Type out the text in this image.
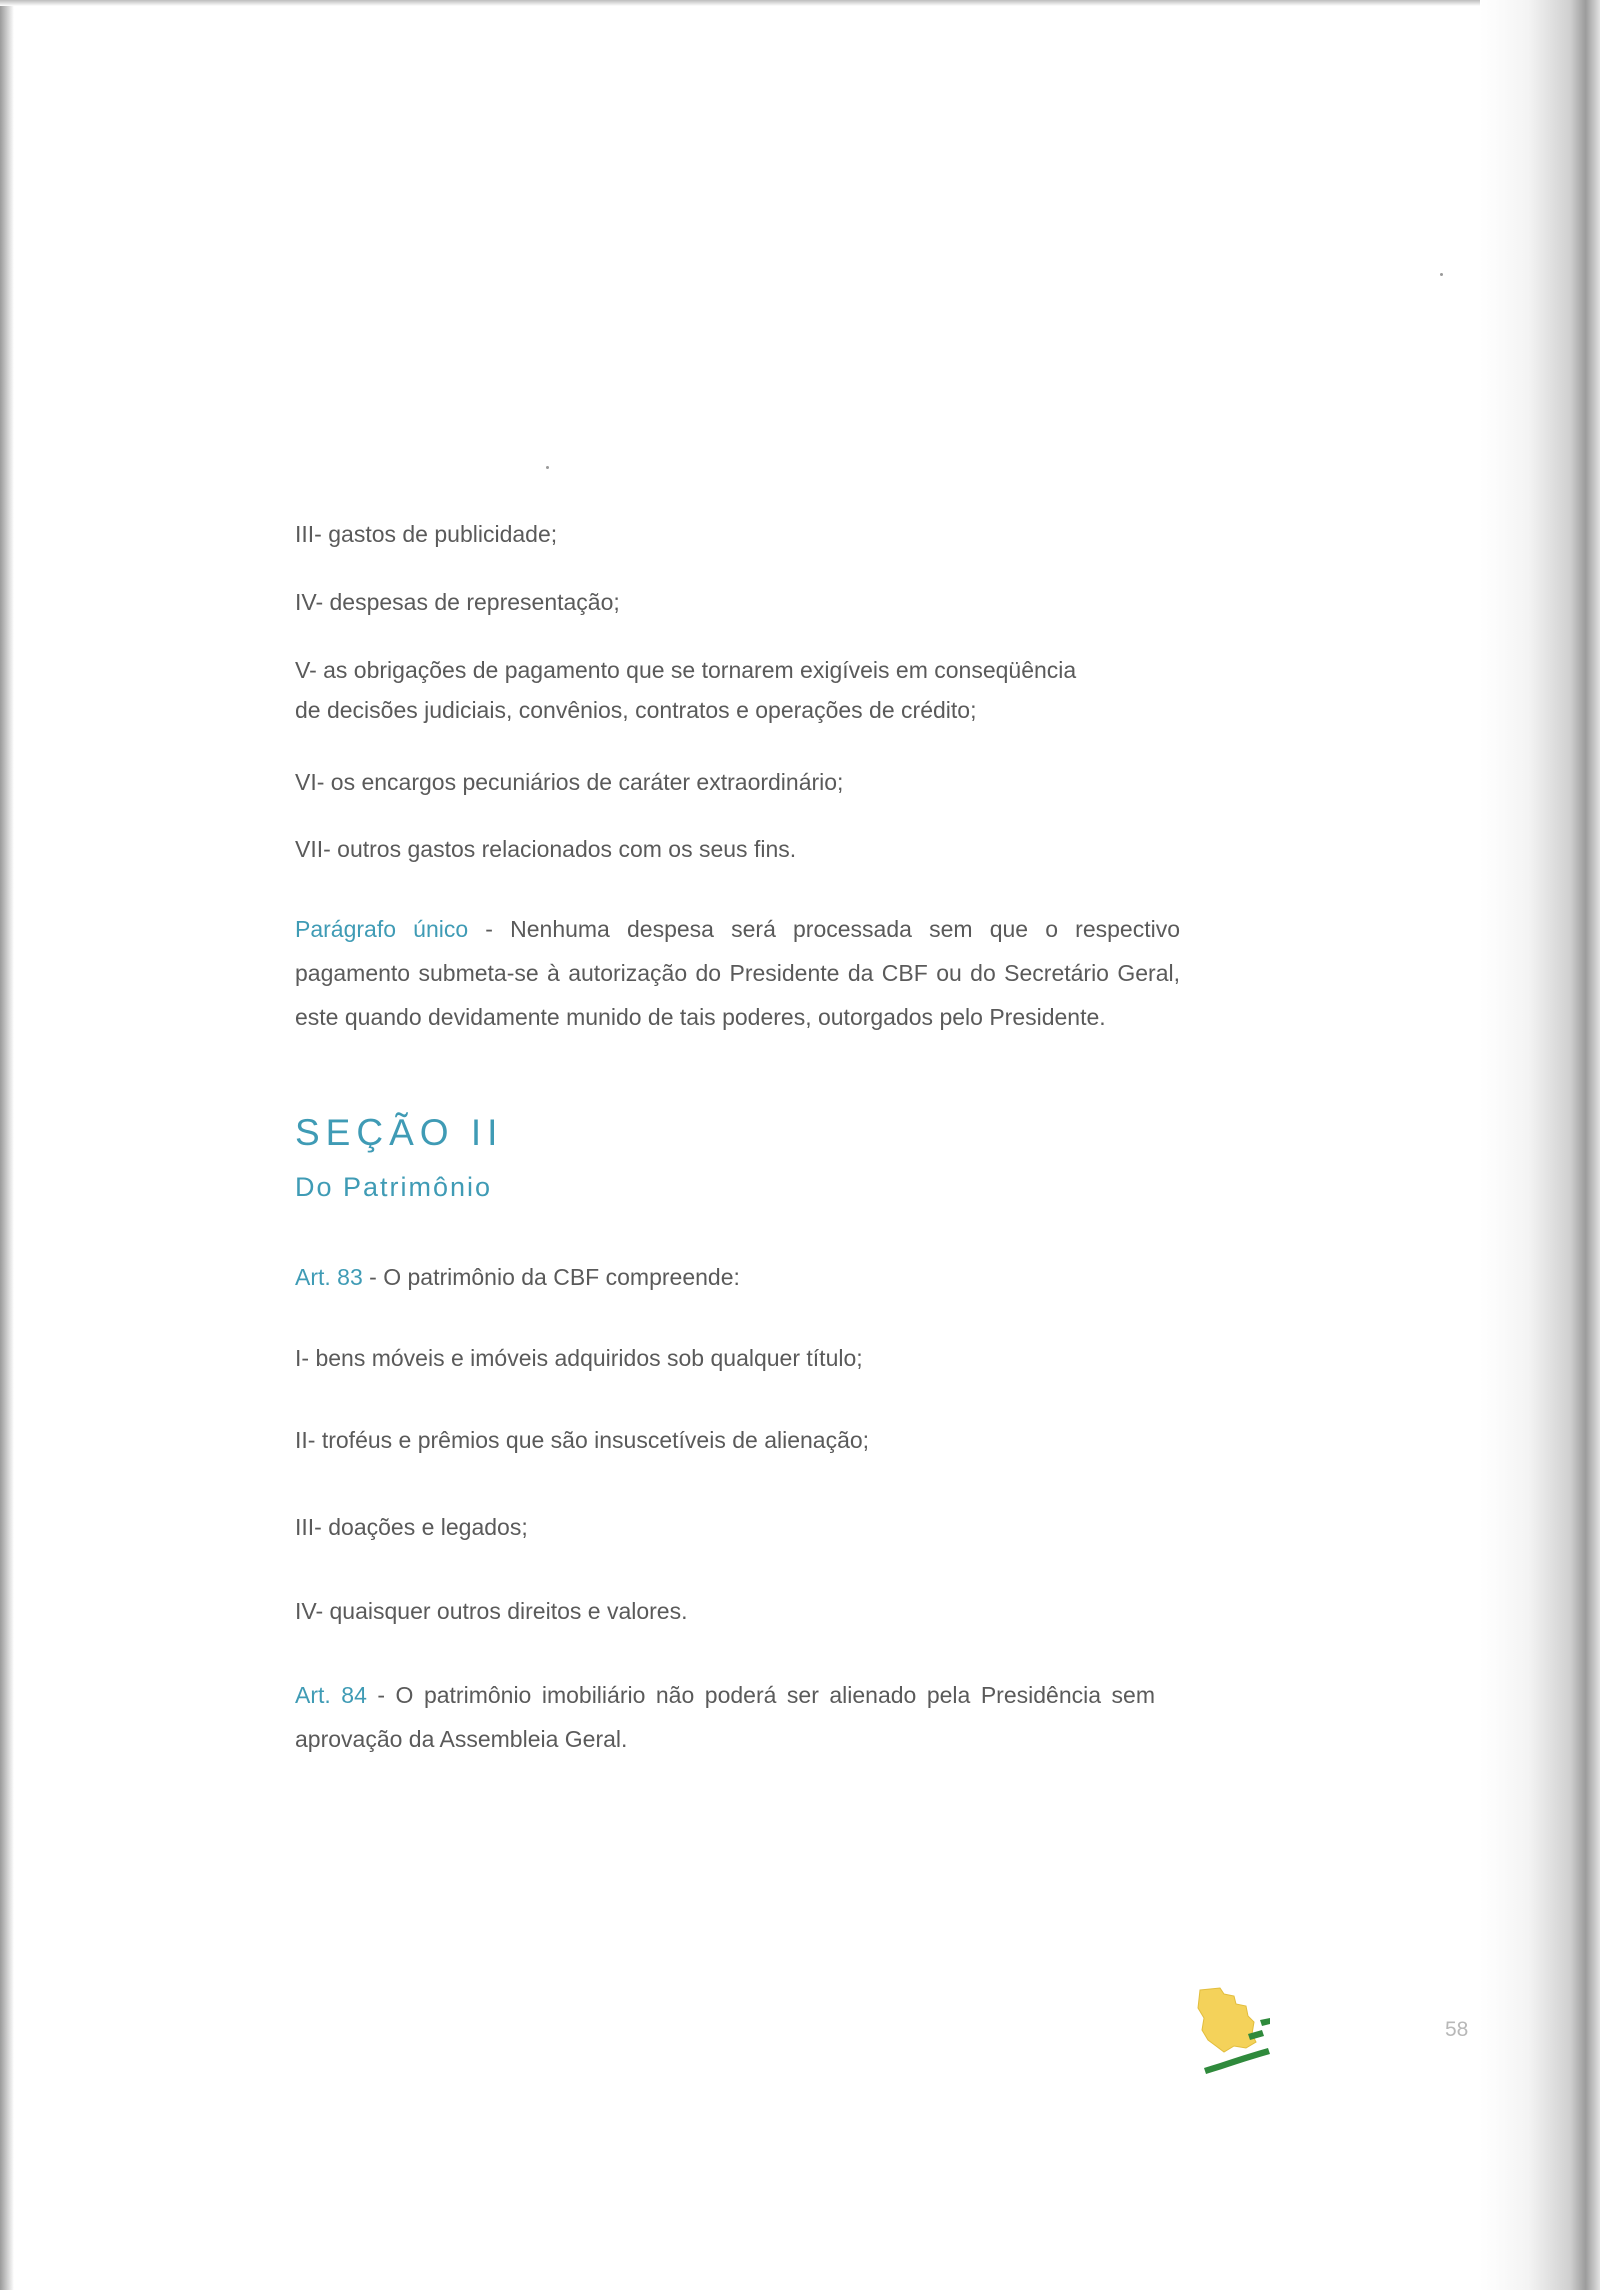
III- gastos de publicidade;
IV- despesas de representação;
V- as obrigações de pagamento que se tornarem exigíveis em conseqüência
de decisões judiciais, convênios, contratos e operações de crédito;
VI- os encargos pecuniários de caráter extraordinário;
VII- outros gastos relacionados com os seus fins.
Parágrafo único - Nenhuma despesa será processada sem que o respectivo pagamento submeta-se à autorização do Presidente da CBF ou do Secretário Geral, este quando devidamente munido de tais poderes, outorgados pelo Presidente.
SEÇÃO II
Do Patrimônio
Art. 83 - O patrimônio da CBF compreende:
I- bens móveis e imóveis adquiridos sob qualquer título;
II- troféus e prêmios que são insuscetíveis de alienação;
III- doações e legados;
IV- quaisquer outros direitos e valores.
Art. 84 - O patrimônio imobiliário não poderá ser alienado pela Presidência sem aprovação da Assembleia Geral.
58
